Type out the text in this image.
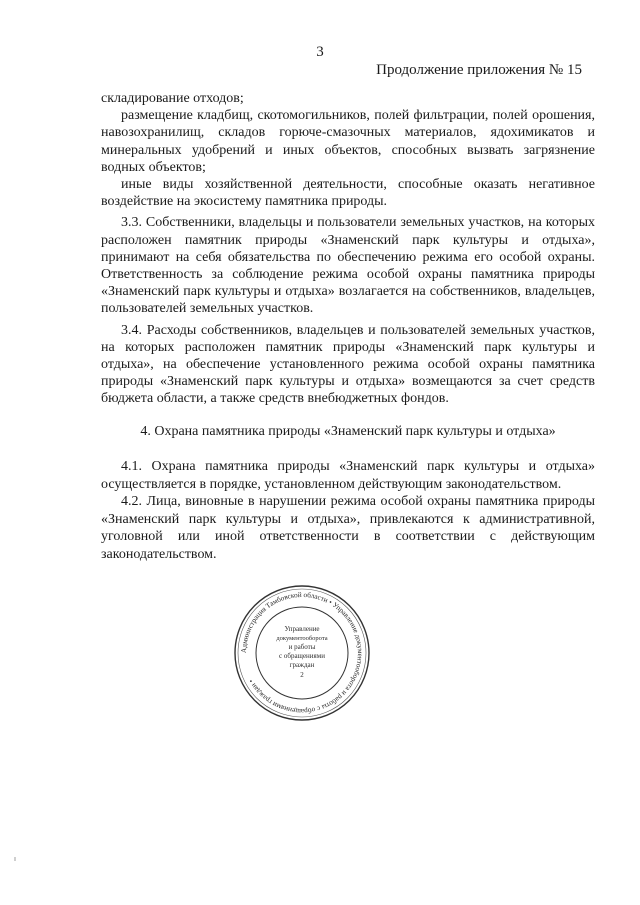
3
Продолжение приложения № 15

складирование отходов;

размещение кладбищ, скотомогильников, полей фильтрации, полей орошения, навозохранилищ, складов горюче-смазочных материалов, ядохимикатов и минеральных удобрений и иных объектов, способных вызвать загрязнение водных объектов;

иные виды хозяйственной деятельности, способные оказать негативное воздействие на экосистему памятника природы.

3.3. Собственники, владельцы и пользователи земельных участков, на которых расположен памятник природы «Знаменский парк культуры и отдыха», принимают на себя обязательства по обеспечению режима его особой охраны. Ответственность за соблюдение режима особой охраны памятника природы «Знаменский парк культуры и отдыха» возлагается на собственников, владельцев, пользователей земельных участков.

3.4. Расходы собственников, владельцев и пользователей земельных участков, на которых расположен памятник природы «Знаменский парк культуры и отдыха», на обеспечение установленного режима особой охраны памятника природы «Знаменский парк культуры и отдыха» возмещаются за счет средств бюджета области, а также средств внебюджетных фондов.

4. Охрана памятника природы «Знаменский парк культуры и отдыха»

4.1. Охрана памятника природы «Знаменский парк культуры и отдыха» осуществляется в порядке, установленном действующим законодательством.

4.2. Лица, виновные в нарушении режима особой охраны памятника природы «Знаменский парк культуры и отдыха», привлекаются к административной, уголовной или иной ответственности в соответствии с действующим законодательством.

Администрация Тамбовской области • Управление документооборота и работы с обращениями граждан •
Управление
документооборота
и работы
с обращениями
граждан
2
